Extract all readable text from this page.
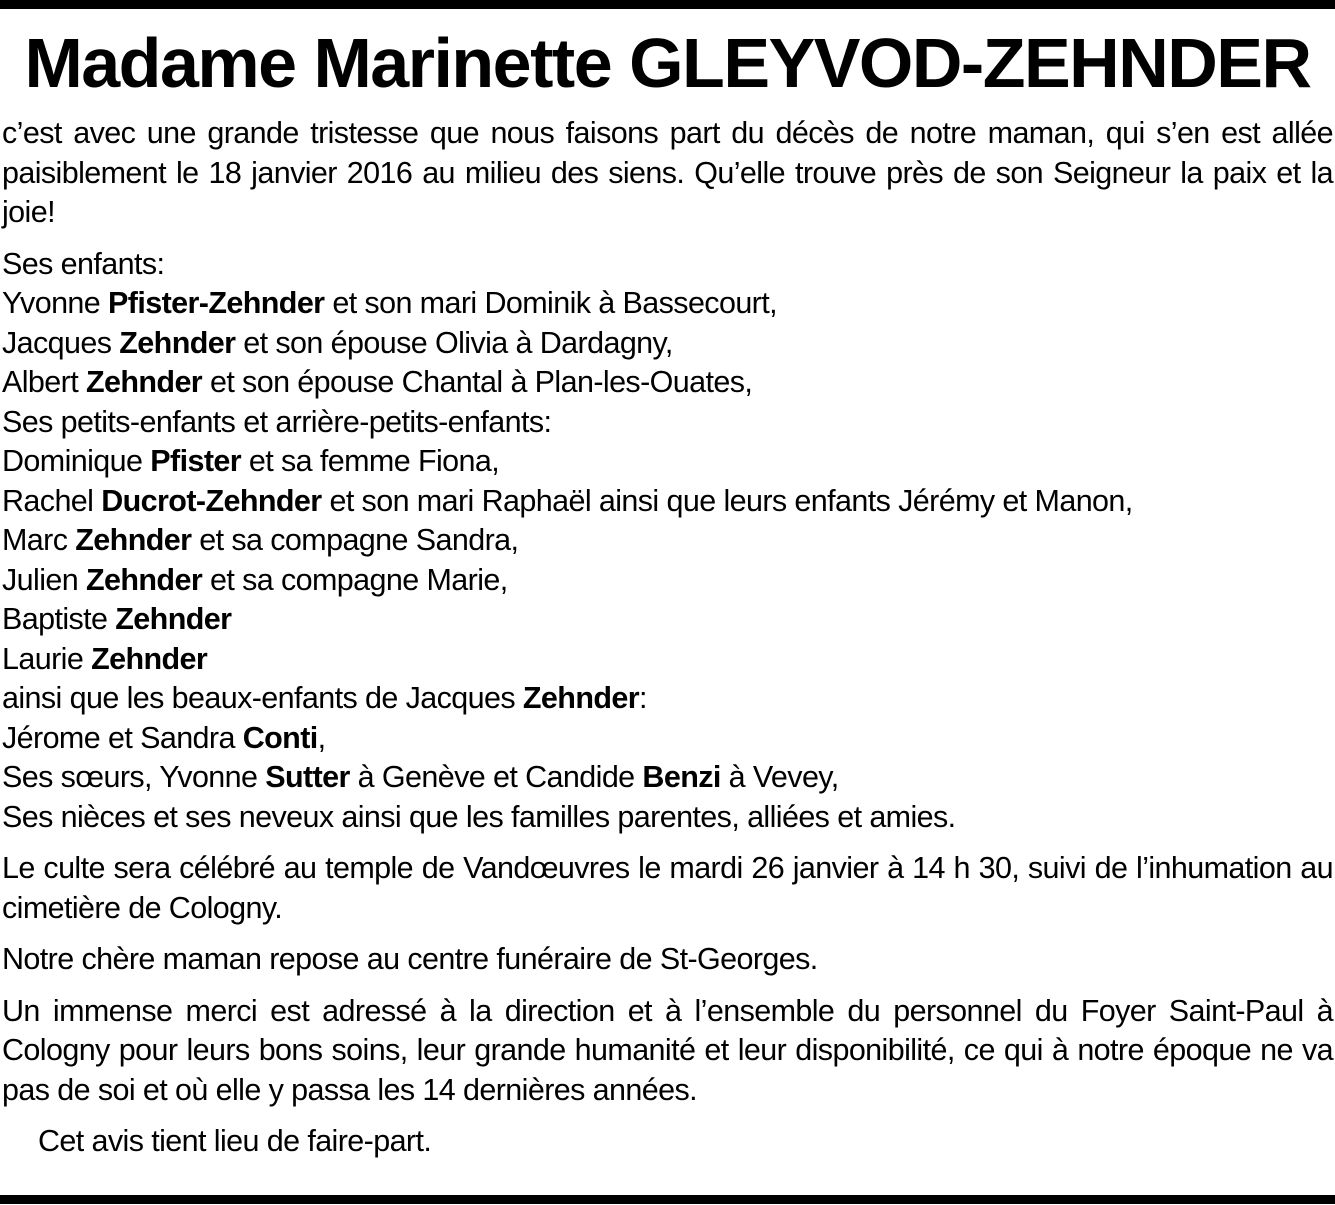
Madame Marinette GLEYVOD-ZEHNDER

c’est avec une grande tristesse que nous faisons part du décès de notre maman, qui s’en est allée paisiblement le 18 janvier 2016 au milieu des siens. Qu’elle trouve près de son Seigneur la paix et la joie!

Ses enfants:
Yvonne Pfister-Zehnder et son mari Dominik à Bassecourt,
Jacques Zehnder et son épouse Olivia à Dardagny,
Albert Zehnder et son épouse Chantal à Plan-les-Ouates,
Ses petits-enfants et arrière-petits-enfants:
Dominique Pfister et sa femme Fiona,
Rachel Ducrot-Zehnder et son mari Raphaël ainsi que leurs enfants Jérémy et Manon,
Marc Zehnder et sa compagne Sandra,
Julien Zehnder et sa compagne Marie,
Baptiste Zehnder
Laurie Zehnder
ainsi que les beaux-enfants de Jacques Zehnder:
Jérome et Sandra Conti,
Ses sœurs, Yvonne Sutter à Genève et Candide Benzi à Vevey,
Ses nièces et ses neveux ainsi que les familles parentes, alliées et amies.

Le culte sera célébré au temple de Vandœuvres le mardi 26 janvier à 14 h 30, suivi de l’inhumation au cimetière de Cologny.

Notre chère maman repose au centre funéraire de St-Georges.

Un immense merci est adressé à la direction et à l’ensemble du personnel du Foyer Saint-Paul à Cologny pour leurs bons soins, leur grande humanité et leur disponibilité, ce qui à notre époque ne va pas de soi et où elle y passa les 14 dernières années.

Cet avis tient lieu de faire-part.
